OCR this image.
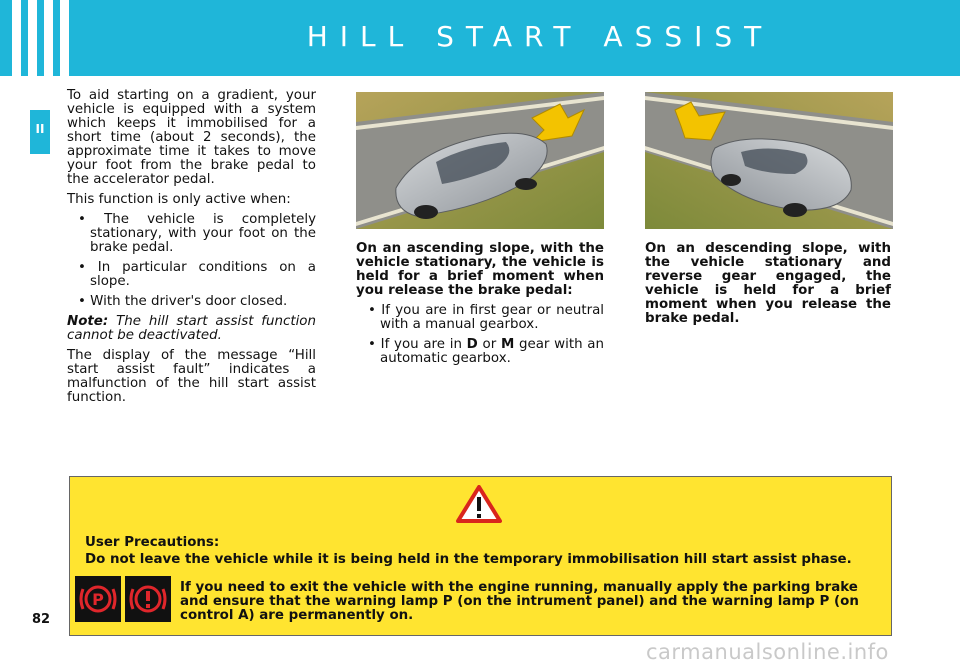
HILL START ASSIST
II

To aid starting on a gradient, your vehicle is equipped with a system which keeps it immobilised for a short time (about 2 seconds), the approximate time it takes to move your foot from the brake pedal to the accelerator pedal.

This function is only active when:

• The vehicle is completely stationary, with your foot on the brake pedal.
• In particular conditions on a slope.
• With the driver's door closed.

Note: The hill start assist function cannot be deactivated.

The display of the message “Hill start assist fault” indicates a malfunction of the hill start assist function.

On an ascending slope, with the vehicle stationary, the vehicle is held for a brief moment when you release the brake pedal:
• If you are in first gear or neutral with a manual gearbox.
• If you are in D or M gear with an automatic gearbox.
On an descending slope, with the vehicle stationary and reverse gear engaged, the vehicle is held for a brief moment when you release the brake pedal.
User Precautions:
Do not leave the vehicle while it is being held in the temporary immobilisation hill start assist phase.
P
If you need to exit the vehicle with the engine running, manually apply the parking brake and ensure that the warning lamp P (on the intrument panel) and the warning lamp P (on control A) are permanently on.
82
carmanualsonline.info
